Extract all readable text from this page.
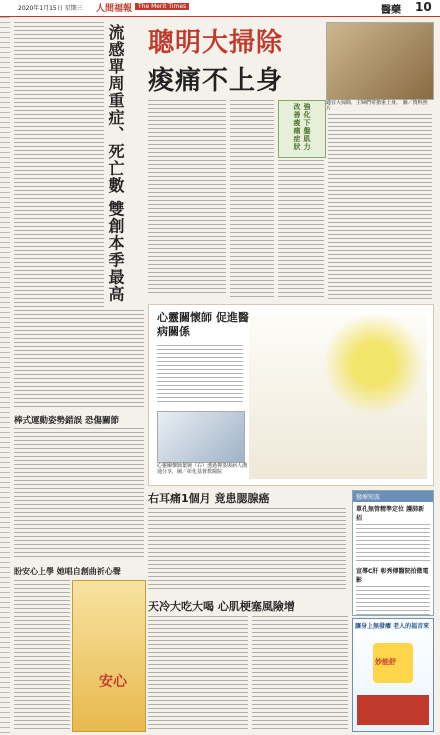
2020年1月15日 星期三 人間福報 The Merit Times	醫藥 10
流感單周重症、死亡數 雙創本季最高 聰明大掃除
痠痛不上身
適宜大掃除，主婦們常搶重上身。 圖／資料照片
強化下盤肌力 改善痠痛症狀
棒式運動姿勢錯誤 恐傷關節
盼安心上學 她唱自創曲祈心聲
安心
心靈關懷師 促進醫病關係
心靈關懷師葉婉（右）透過禪茶與病人溝通分享，圖／彰化基督教醫院
右耳痛1個月 竟患腮腺癌
天冷大吃大喝 心肌梗塞風險增
醫療短波
單孔無管精準定位 護肺新招
宣導C肝 彰秀傳醫院拍微電影
讓身上無發癢 老人的福音來
妙能舒
